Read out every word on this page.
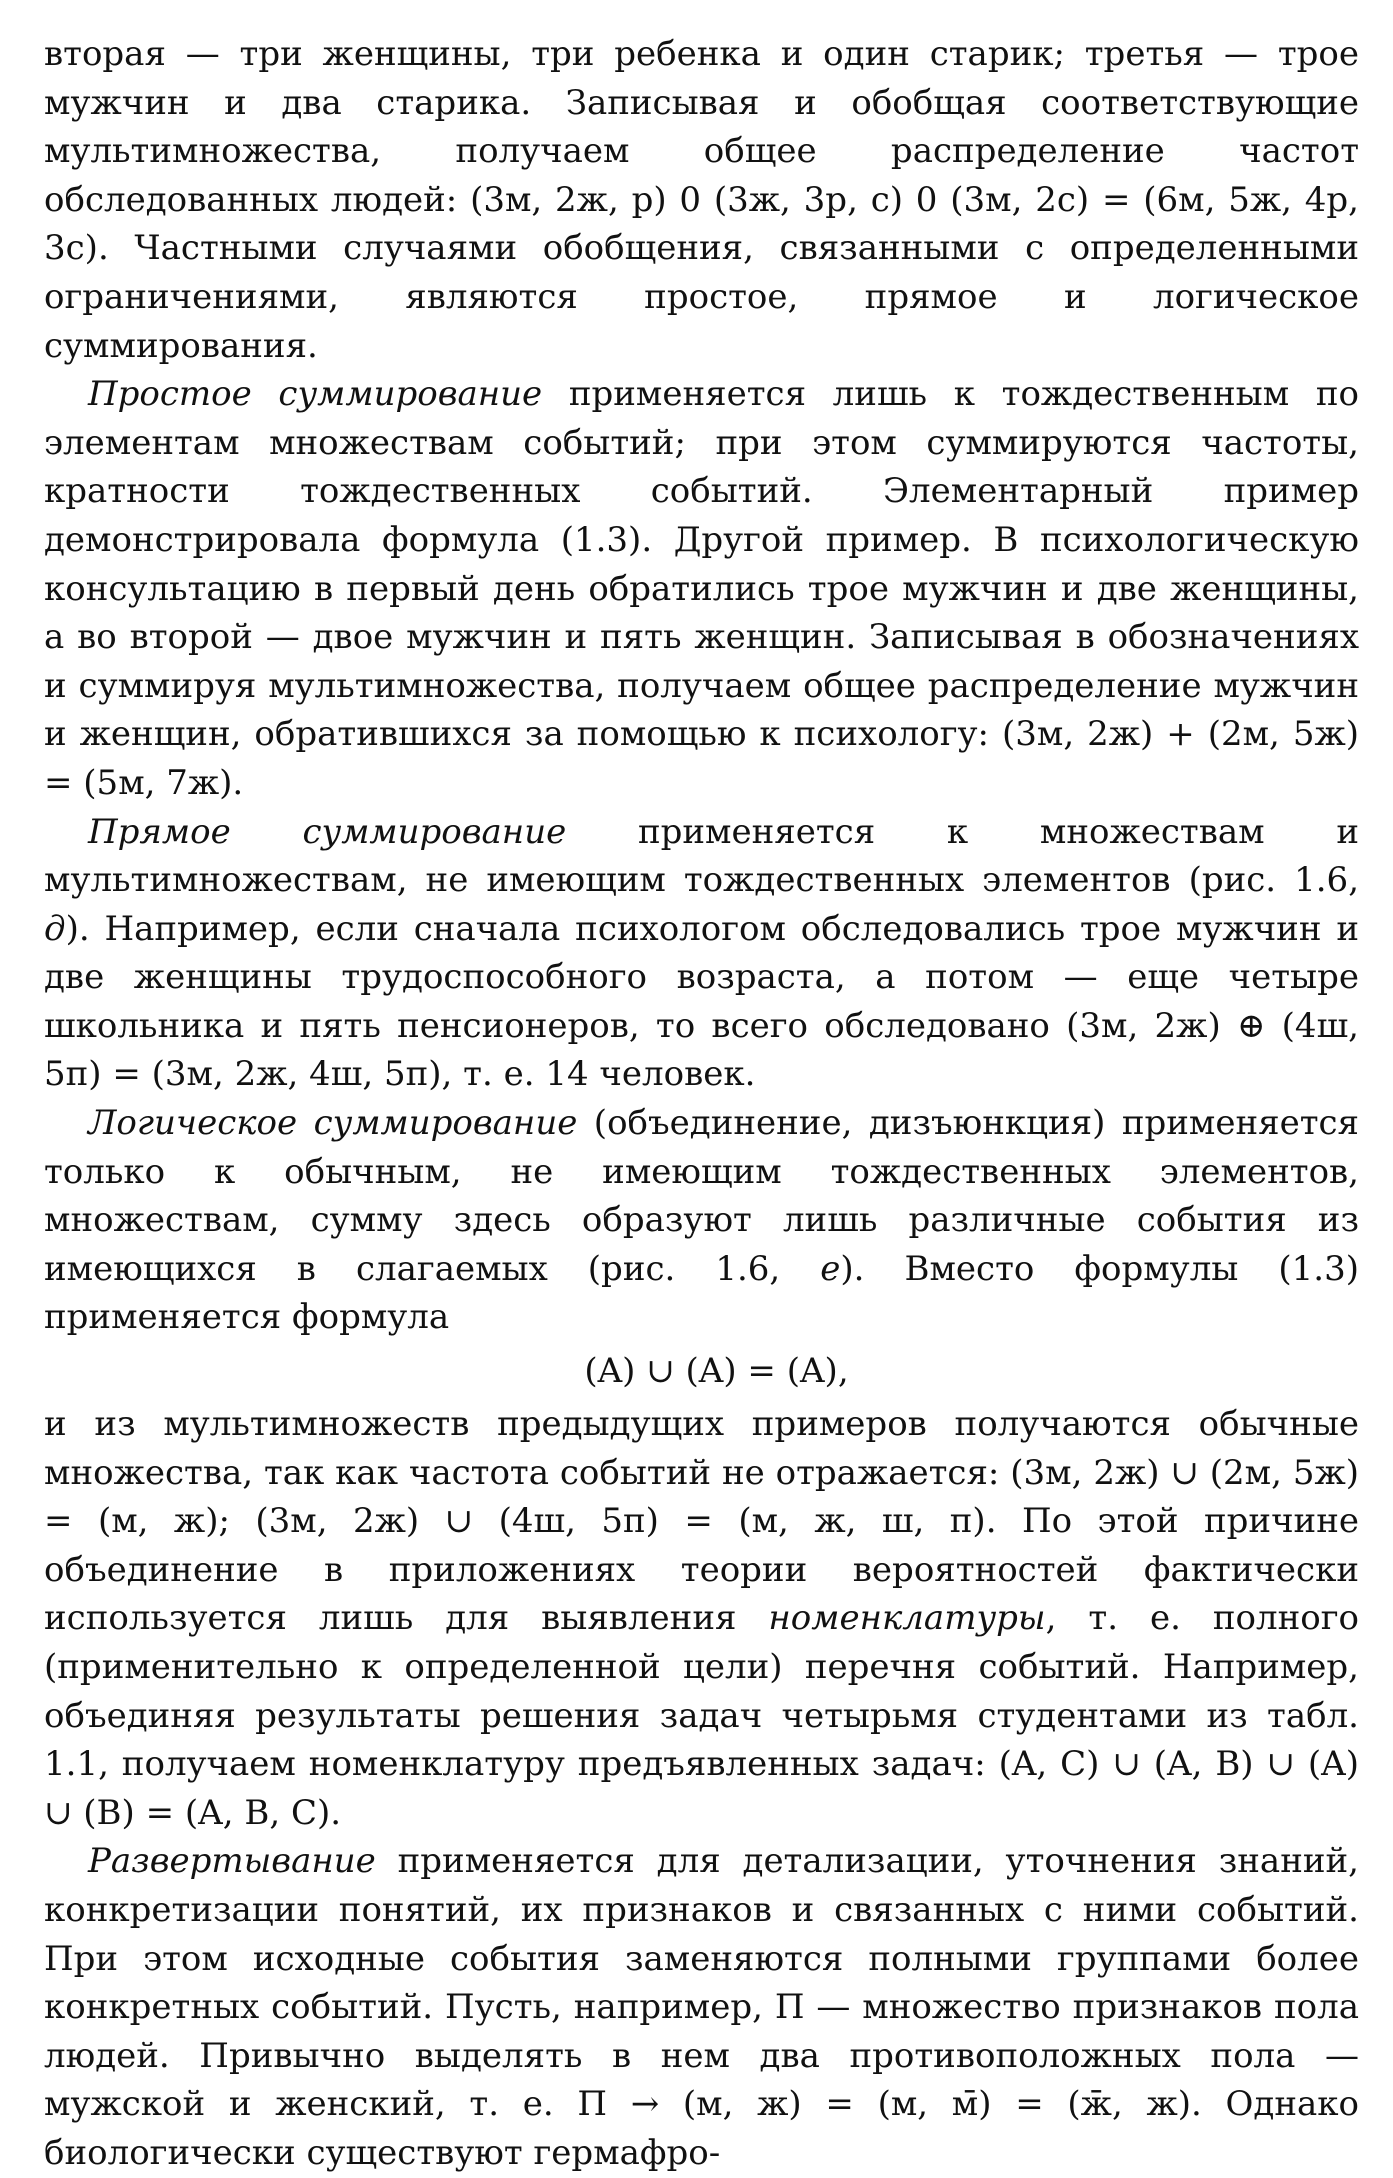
вторая — три женщины, три ребенка и один старик; третья — трое мужчин и два старика. Записывая и обобщая соответствующие мультимножества, получаем общее распределение частот обследованных людей: (3м, 2ж, р) 0 (3ж, 3р, с) 0 (3м, 2с) = (6м, 5ж, 4р, 3с). Частными случаями обобщения, связанными с определенными ограничениями, являются простое, прямое и логическое суммирования.

Простое суммирование применяется лишь к тождественным по элементам множествам событий; при этом суммируются частоты, кратности тождественных событий. Элементарный пример демонстрировала формула (1.3). Другой пример. В психологическую консультацию в первый день обратились трое мужчин и две женщины, а во второй — двое мужчин и пять женщин. Записывая в обозначениях и суммируя мультимножества, получаем общее распределение мужчин и женщин, обратившихся за помощью к психологу: (3м, 2ж) + (2м, 5ж) = (5м, 7ж).

Прямое суммирование применяется к множествам и мультимножествам, не имеющим тождественных элементов (рис. 1.6, д). Например, если сначала психологом обследовались трое мужчин и две женщины трудоспособного возраста, а потом — еще четыре школьника и пять пенсионеров, то всего обследовано (3м, 2ж) ⊕ (4ш, 5п) = (3м, 2ж, 4ш, 5п), т. е. 14 человек.

Логическое суммирование (объединение, дизъюнкция) применяется только к обычным, не имеющим тождественных элементов, множествам, сумму здесь образуют лишь различные события из имеющихся в слагаемых (рис. 1.6, е). Вместо формулы (1.3) применяется формула

(A) ∪ (A) = (A),

и из мультимножеств предыдущих примеров получаются обычные множества, так как частота событий не отражается: (3м, 2ж) ∪ (2м, 5ж) = (м, ж); (3м, 2ж) ∪ (4ш, 5п) = (м, ж, ш, п). По этой причине объединение в приложениях теории вероятностей фактически используется лишь для выявления номенклатуры, т. е. полного (применительно к определенной цели) перечня событий. Например, объединяя результаты решения задач четырьмя студентами из табл. 1.1, получаем номенклатуру предъявленных задач: (A, C) ∪ (A, B) ∪ (A) ∪ (B) = (A, B, C).

Развертывание применяется для детализации, уточнения знаний, конкретизации понятий, их признаков и связанных с ними событий. При этом исходные события заменяются полными группами более конкретных событий. Пусть, например, П — множество признаков пола людей. Привычно выделять в нем два противоположных пола — мужской и женский, т. е. П → (м, ж) = (м, м̄) = (ж̄, ж). Однако биологически существуют гермафро-
